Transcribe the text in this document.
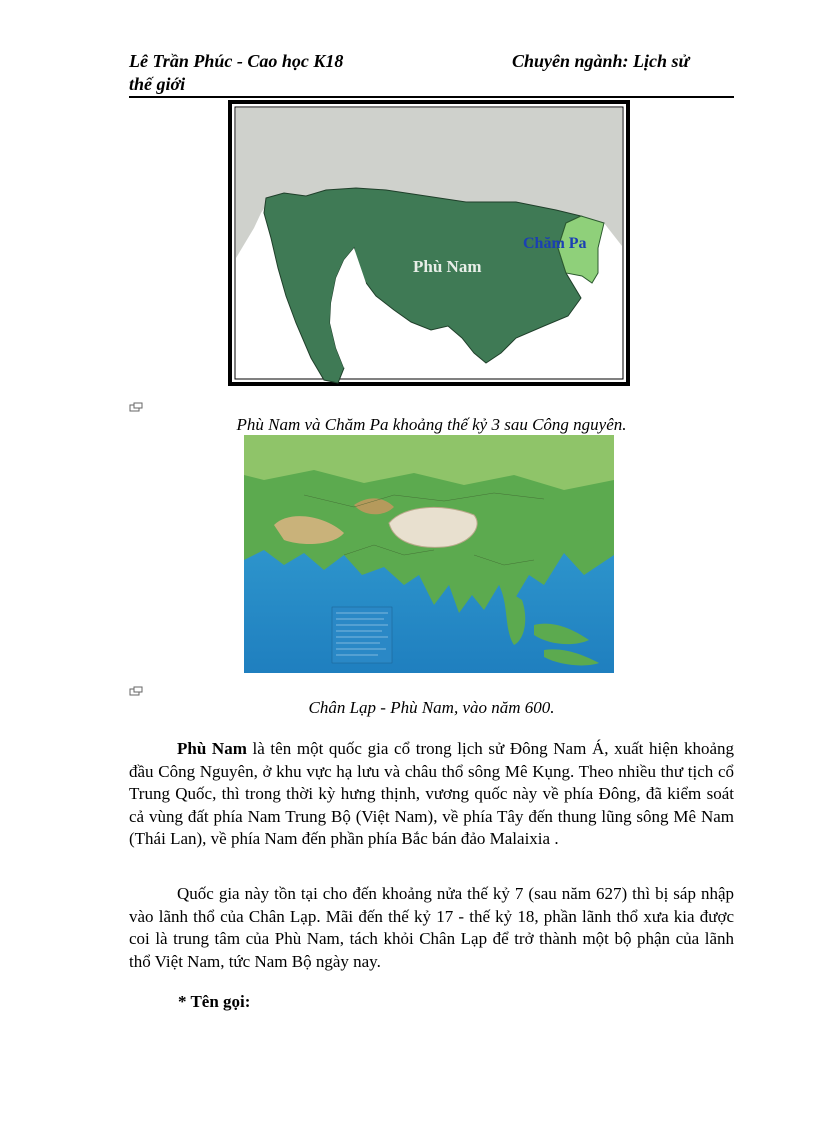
Lê Trần Phúc - Cao học K18	Chuyên ngành: Lịch sử
thế giới
Phù Nam
Chăm Pa
Phù Nam và Chăm Pa khoảng thế kỷ 3 sau Công nguyên.
Chân Lạp - Phù Nam, vào năm 600.

Phù Nam là tên một quốc gia cổ trong lịch sử Đông Nam Á, xuất hiện khoảng đầu Công Nguyên, ở khu vực hạ lưu và châu thổ sông Mê Kụng. Theo nhiều thư tịch cổ Trung Quốc, thì trong thời kỳ hưng thịnh, vương quốc này về phía Đông, đã kiểm soát cả vùng đất phía Nam Trung Bộ (Việt Nam), về phía Tây đến thung lũng sông Mê Nam (Thái Lan), về phía Nam đến phần phía Bắc bán đảo Malaixia .

Quốc gia này tồn tại cho đến khoảng nửa thế kỷ 7 (sau năm 627) thì bị sáp nhập vào lãnh thổ của Chân Lạp. Mãi đến thế kỷ 17 - thế kỷ 18, phần lãnh thổ xưa kia được coi là trung tâm của Phù Nam, tách khỏi Chân Lạp để trở thành một bộ phận của lãnh thổ Việt Nam, tức Nam Bộ ngày nay.

* Tên gọi:
